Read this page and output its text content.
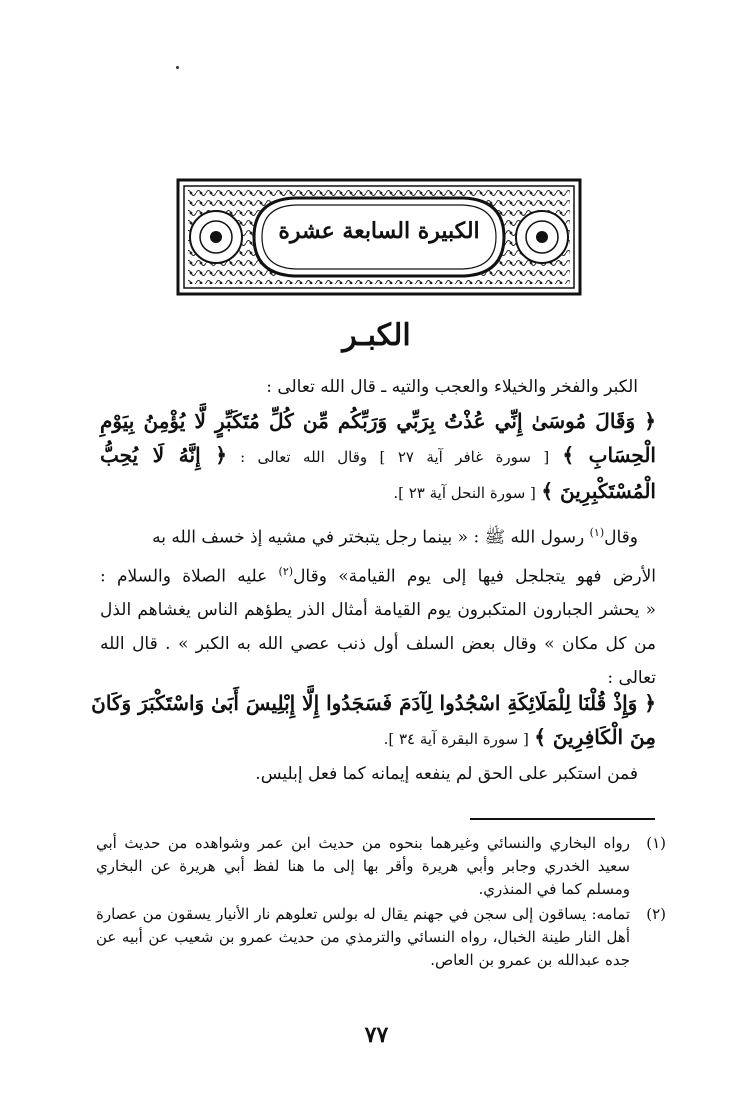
الكبيرة السابعة عشرة
الكبـر
الكبر والفخر والخيلاء والعجب والتيه ـ قال الله تعالى :
﴿ وَقَالَ مُوسَىٰ إِنِّي عُذْتُ بِرَبِّي وَرَبِّكُم مِّن كُلِّ مُتَكَبِّرٍ لَّا يُؤْمِنُ بِيَوْمِ
الْحِسَابِ ﴾ [ سورة غافر آية ٢٧ ] وقال الله تعالى : ﴿ إِنَّهُ لَا يُحِبُّ
الْمُسْتَكْبِرِينَ ﴾ [ سورة النحل آية ٢٣ ].
وقال$^{(١)}$ رسول الله ﷺ : « بينما رجل يتبختر في مشيه إذ خسف الله به
الأرض فهو يتجلجل فيها إلى يوم القيامة» وقال$^{(٢)}$ عليه الصلاة والسلام :
« يحشر الجبارون المتكبرون يوم القيامة أمثال الذر يطؤهم الناس يغشاهم الذل
من كل مكان » وقال بعض السلف أول ذنب عصي الله به الكبر » . قال الله
تعالى :
﴿ وَإِذْ قُلْنَا لِلْمَلَائِكَةِ اسْجُدُوا لِآدَمَ فَسَجَدُوا إِلَّا إِبْلِيسَ أَبَىٰ وَاسْتَكْبَرَ وَكَانَ
مِنَ الْكَافِرِينَ ﴾ [ سورة البقرة آية ٣٤ ].
فمن استكبر على الحق لم ينفعه إيمانه كما فعل إبليس.
(١)
رواه البخاري والنسائي وغيرهما بنحوه من حديث ابن عمر وشواهده من حديث أبي
سعيد الخدري وجابر وأبي هريرة وأقر بها إلى ما هنا لفظ أبي هريرة عن البخاري
ومسلم كما في المنذري.
(٢)
تمامه: يساقون إلى سجن في جهنم يقال له بولس تعلوهم نار الأنيار يسقون من عصارة
أهل النار طينة الخبال، رواه النسائي والترمذي من حديث عمرو بن شعيب عن أبيه عن
جده عبدالله بن عمرو بن العاص.
٧٧
